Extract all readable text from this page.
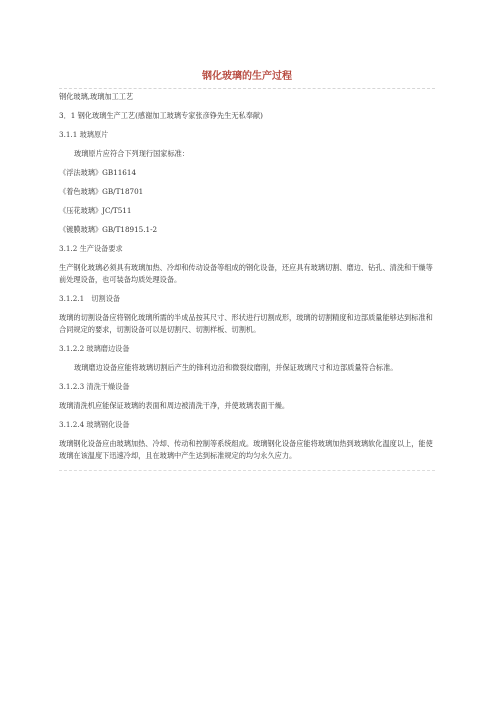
钢化玻璃的生产过程

钢化玻璃,玻璃加工工艺

3．1 钢化玻璃生产工艺(感谢加工玻璃专家张彦铮先生无私奉献)

3.1.1 玻璃原片

玻璃原片应符合下列现行国家标准：

《浮法玻璃》GB11614

《着色玻璃》GB/T18701

《压花玻璃》JC/T511

《镀膜玻璃》GB/T18915.1-2

3.1.2 生产设备要求

生产钢化玻璃必须具有玻璃加热、冷却和传动设备等组成的钢化设备，还应具有玻璃切割、磨边、钻孔、清洗和干燥等前处理设备，也可装备均质处理设备。

3.1.2.1　切割设备

玻璃的切割设备应将钢化玻璃所需的半成品按其尺寸、形状进行切割成形，玻璃的切割精度和边部质量能够达到标准和合同规定的要求，切割设备可以是切割尺、切割样板、切割机。

3.1.2.2 玻璃磨边设备

玻璃磨边设备应能将玻璃切割后产生的锋利边沿和微裂纹磨削，并保证玻璃尺寸和边部质量符合标准。

3.1.2.3 清洗干燥设备

玻璃清洗机应能保证玻璃的表面和周边被清洗干净，并使玻璃表面干燥。

3.1.2.4 玻璃钢化设备

玻璃钢化设备应由玻璃加热、冷却、传动和控制等系统组成。玻璃钢化设备应能将玻璃加热到玻璃软化温度以上，能使玻璃在该温度下迅速冷却，且在玻璃中产生达到标准规定的均匀永久应力。
